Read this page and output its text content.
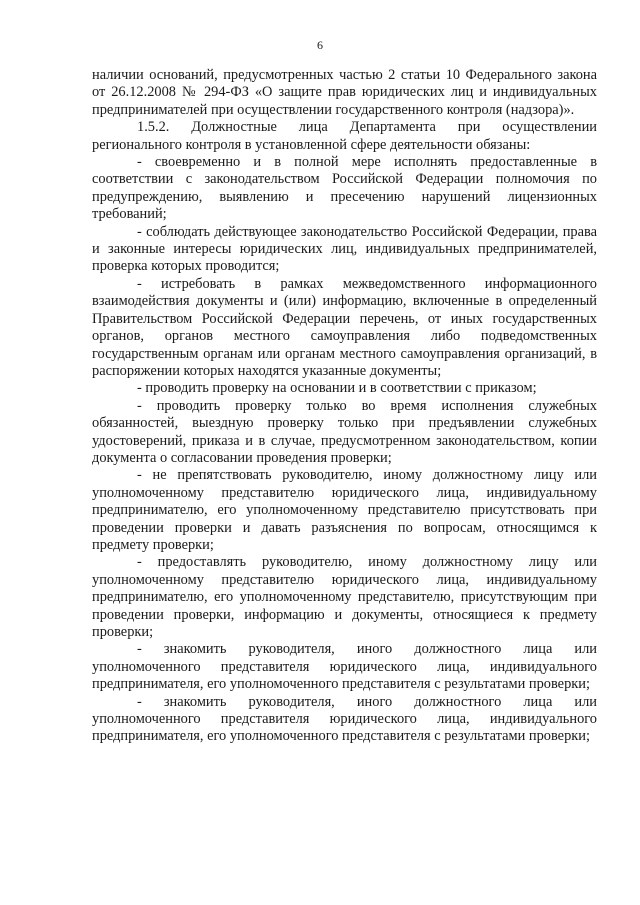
6

наличии оснований, предусмотренных частью 2 статьи 10 Федерального закона от 26.12.2008 № 294-ФЗ «О защите прав юридических лиц и индивидуальных предпринимателей при осуществлении государственного контроля (надзора)».

1.5.2. Должностные лица Департамента при осуществлении регионального контроля в установленной сфере деятельности обязаны:

- своевременно и в полной мере исполнять предоставленные в соответствии с законодательством Российской Федерации полномочия по предупреждению, выявлению и пресечению нарушений лицензионных требований;

- соблюдать действующее законодательство Российской Федерации, права и законные интересы юридических лиц, индивидуальных предпринимателей, проверка которых проводится;

- истребовать в рамках межведомственного информационного взаимодействия документы и (или) информацию, включенные в определенный Правительством Российской Федерации перечень, от иных государственных органов, органов местного самоуправления либо подведомственных государственным органам или органам местного самоуправления организаций, в распоряжении которых находятся указанные документы;

- проводить проверку на основании и в соответствии с приказом;

- проводить проверку только во время исполнения служебных обязанностей, выездную проверку только при предъявлении служебных удостоверений, приказа и в случае, предусмотренном законодательством, копии документа о согласовании проведения проверки;

- не препятствовать руководителю, иному должностному лицу или уполномоченному представителю юридического лица, индивидуальному предпринимателю, его уполномоченному представителю присутствовать при проведении проверки и давать разъяснения по вопросам, относящимся к предмету проверки;

- предоставлять руководителю, иному должностному лицу или уполномоченному представителю юридического лица, индивидуальному предпринимателю, его уполномоченному представителю, присутствующим при проведении проверки, информацию и документы, относящиеся к предмету проверки;

- знакомить руководителя, иного должностного лица или уполномоченного представителя юридического лица, индивидуального предпринимателя, его уполномоченного представителя с результатами проверки;

- знакомить руководителя, иного должностного лица или уполномоченного представителя юридического лица, индивидуального предпринимателя, его уполномоченного представителя с результатами проверки;
